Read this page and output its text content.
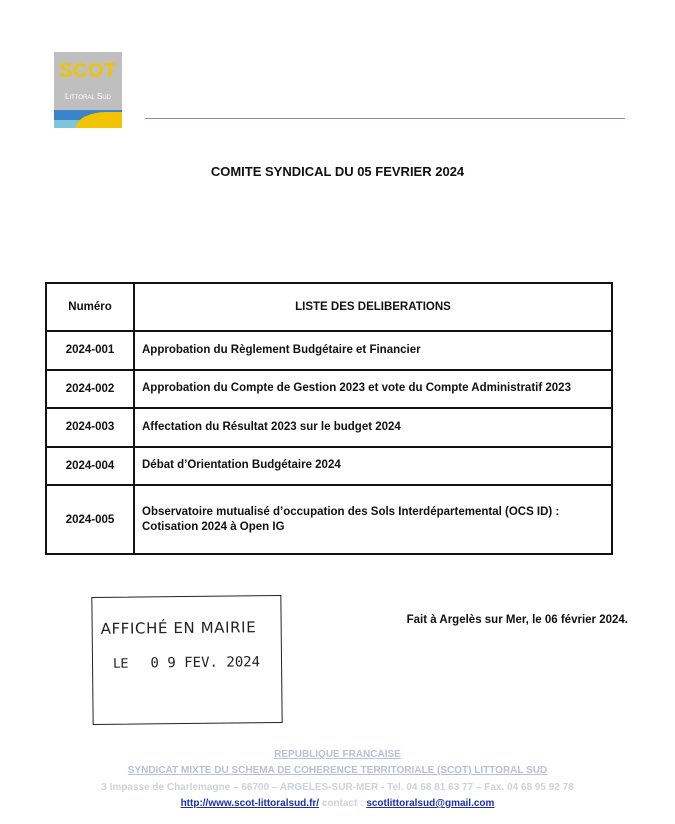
SCOT
Littoral Sud
COMITE SYNDICAL DU 05 FEVRIER 2024
Numéro	LISTE DES DELIBERATIONS
2024-001	Approbation du Règlement Budgétaire et Financier
2024-002	Approbation du Compte de Gestion 2023 et vote du Compte Administratif 2023
2024-003	Affectation du Résultat 2023 sur le budget 2024
2024-004	Débat d’Orientation Budgétaire 2024
2024-005	Observatoire mutualisé d’occupation des Sols Interdépartemental (OCS ID) : Cotisation 2024 à Open IG
AFFICHÉ EN MAIRIE
LE 0 9 FEV. 2024
Fait à Argelès sur Mer, le 06 février 2024.
REPUBLIQUE FRANCAISE
SYNDICAT MIXTE DU SCHEMA DE COHERENCE TERRITORIALE (SCOT) LITTORAL SUD
3 Impasse de Charlemagne – 66700 – ARGELES-SUR-MER - Tel. 04 68 81 63 77 – Fax. 04 68 95 92 78
http://www.scot-littoralsud.fr/ contact : scotlittoralsud@gmail.com
